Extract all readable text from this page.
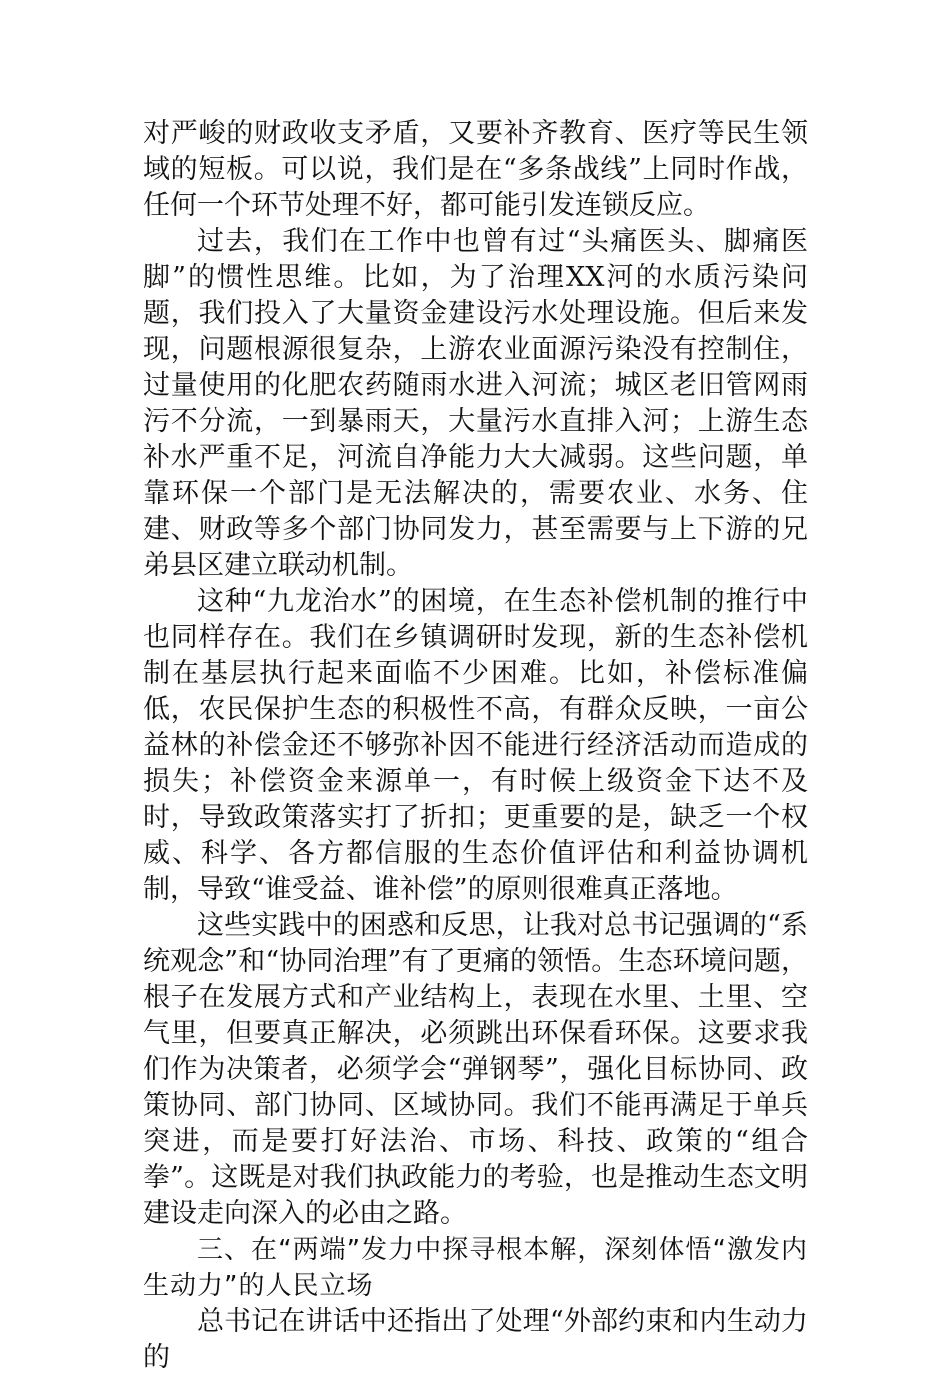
对严峻的财政收支矛盾，又要补齐教育、医疗等民生领域的短板。可以说，我们是在“多条战线”上同时作战，任何一个环节处理不好，都可能引发连锁反应。

过去，我们在工作中也曾有过“头痛医头、脚痛医脚”的惯性思维。比如，为了治理XX河的水质污染问题，我们投入了大量资金建设污水处理设施。但后来发现，问题根源很复杂，上游农业面源污染没有控制住，过量使用的化肥农药随雨水进入河流；城区老旧管网雨污不分流，一到暴雨天，大量污水直排入河；上游生态补水严重不足，河流自净能力大大减弱。这些问题，单靠环保一个部门是无法解决的，需要农业、水务、住建、财政等多个部门协同发力，甚至需要与上下游的兄弟县区建立联动机制。

这种“九龙治水”的困境，在生态补偿机制的推行中也同样存在。我们在乡镇调研时发现，新的生态补偿机制在基层执行起来面临不少困难。比如，补偿标准偏低，农民保护生态的积极性不高，有群众反映，一亩公益林的补偿金还不够弥补因不能进行经济活动而造成的损失；补偿资金来源单一，有时候上级资金下达不及时，导致政策落实打了折扣；更重要的是，缺乏一个权威、科学、各方都信服的生态价值评估和利益协调机制，导致“谁受益、谁补偿”的原则很难真正落地。

这些实践中的困惑和反思，让我对总书记强调的“系统观念”和“协同治理”有了更痛的领悟。生态环境问题，根子在发展方式和产业结构上，表现在水里、土里、空气里，但要真正解决，必须跳出环保看环保。这要求我们作为决策者，必须学会“弹钢琴”，强化目标协同、政策协同、部门协同、区域协同。我们不能再满足于单兵突进，而是要打好法治、市场、科技、政策的“组合拳”。这既是对我们执政能力的考验，也是推动生态文明建设走向深入的必由之路。

三、在“两端”发力中探寻根本解，深刻体悟“激发内生动力”的人民立场

总书记在讲话中还指出了处理“外部约束和内生动力的
